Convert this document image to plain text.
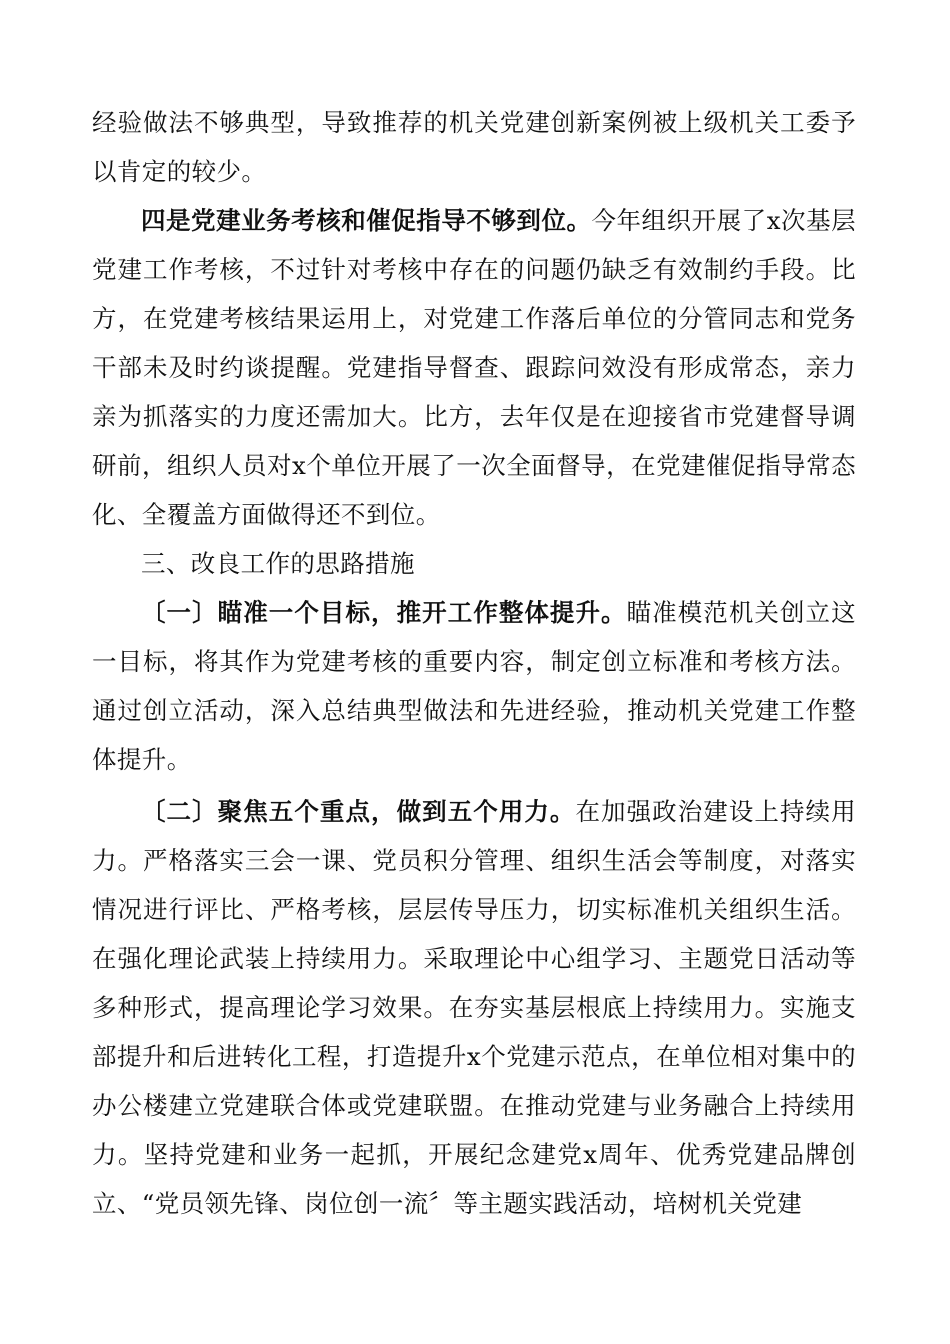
经验做法不够典型，导致推荐的机关党建创新案例被上级机关工委予以肯定的较少。

四是党建业务考核和催促指导不够到位。今年组织开展了x次基层党建工作考核，不过针对考核中存在的问题仍缺乏有效制约手段。比方，在党建考核结果运用上，对党建工作落后单位的分管同志和党务干部未及时约谈提醒。党建指导督查、跟踪问效没有形成常态，亲力亲为抓落实的力度还需加大。比方，去年仅是在迎接省市党建督导调研前，组织人员对x个单位开展了一次全面督导，在党建催促指导常态化、全覆盖方面做得还不到位。

三、改良工作的思路措施

〔一〕瞄准一个目标，推开工作整体提升。瞄准模范机关创立这一目标，将其作为党建考核的重要内容，制定创立标准和考核方法。通过创立活动，深入总结典型做法和先进经验，推动机关党建工作整体提升。

〔二〕聚焦五个重点，做到五个用力。在加强政治建设上持续用力。严格落实三会一课、党员积分管理、组织生活会等制度，对落实情况进行评比、严格考核，层层传导压力，切实标准机关组织生活。在强化理论武装上持续用力。采取理论中心组学习、主题党日活动等多种形式，提高理论学习效果。在夯实基层根底上持续用力。实施支部提升和后进转化工程，打造提升x个党建示范点，在单位相对集中的办公楼建立党建联合体或党建联盟。在推动党建与业务融合上持续用力。坚持党建和业务一起抓，开展纪念建党x周年、优秀党建品牌创立、“党员领先锋、岗位创一流〞等主题实践活动，培树机关党建
